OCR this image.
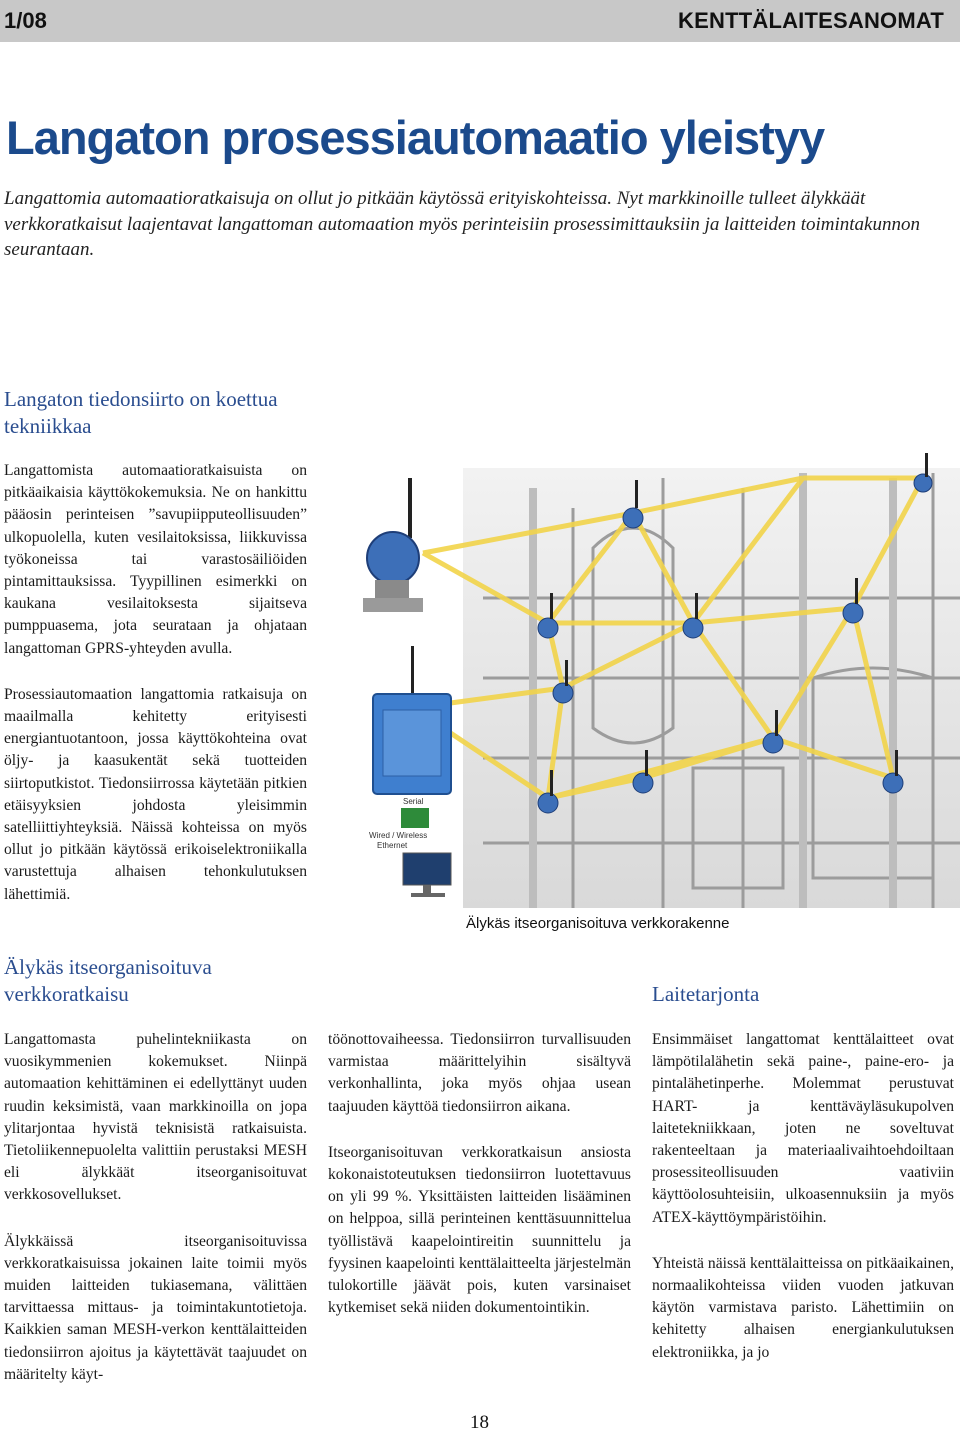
1/08	KENTTÄLAITESANOMAT
Langaton prosessiautomaatio yleistyy

Langattomia automaatioratkaisuja on ollut jo pitkään käytössä erityiskohteissa. Nyt markkinoille tulleet älykkäät verkkoratkaisut laajentavat langattoman automaation myös perinteisiin prosessimittauksiin ja laitteiden toimintakunnon seurantaan.

Langaton tiedonsiirto on koettua tekniikkaa

Langattomista automaatioratkaisuista on pitkäaikaisia käyttökokemuksia. Ne on hankittu pääosin perinteisen ”savupiipputeollisuuden” ulkopuolella, kuten vesilaitoksissa, liikkuvissa työkoneissa tai varastosäiliöiden pintamittauksissa. Tyypillinen esimerkki on kaukana vesilaitoksesta sijaitseva pumppuasema, jota seurataan ja ohjataan langattoman GPRS-yhteyden avulla.

Prosessiautomaation langattomia ratkaisuja on maailmalla kehitetty erityisesti energiantuotantoon, jossa käyttökohteina ovat öljy- ja kaasukentät sekä tuotteiden siirtoputkistot. Tiedonsiirrossa käytetään pitkien etäisyyksien johdosta yleisimmin satelliittiyhteyksiä. Näissä kohteissa on myös ollut jo pitkään käytössä erikoiselektroniikalla varustettuja alhaisen tehonkulutuksen lähettimiä.

Serial
Wired / Wireless
Ethernet
Älykäs itseorganisoituva verkkorakenne
Älykäs itseorganisoituva verkkoratkaisu

Langattomasta puhelintekniikasta on vuosikymmenien kokemukset. Niinpä automaation kehittäminen ei edellyttänyt uuden ruudin keksimistä, vaan markkinoilla on jopa ylitarjontaa hyvistä teknisistä ratkaisuista. Tietoliikennepuolelta valittiin perustaksi MESH eli älykkäät itseorganisoituvat verkkosovellukset.

Älykkäissä itseorganisoituvissa verkkoratkaisuissa jokainen laite toimii myös muiden laitteiden tukiasemana, välittäen tarvittaessa mittaus- ja toimintakuntotietoja. Kaikkien saman MESH-verkon kenttälaitteiden tiedonsiirron ajoitus ja käytettävät taajuudet on määritelty käyt-

töönottovaiheessa. Tiedonsiirron turvallisuuden varmistaa määrittelyihin sisältyvä verkonhallinta, joka myös ohjaa usean taajuuden käyttöä tiedonsiirron aikana.

Itseorganisoituvan verkkoratkaisun ansiosta kokonaistoteutuksen tiedonsiirron luotettavuus on yli 99 %. Yksittäisten laitteiden lisääminen on helppoa, sillä perinteinen kenttäsuunnittelua työllistävä kaapelointireitin suunnittelu ja fyysinen kaapelointi kenttälaitteelta järjestelmän tulokortille jäävät pois, kuten varsinaiset kytkemiset sekä niiden dokumentointikin.

Laitetarjonta

Ensimmäiset langattomat kenttälaitteet ovat lämpötilalähetin sekä paine-, paine-ero- ja pintalähetinperhe. Molemmat perustuvat HART- ja kenttäväyläsukupolven laitetekniikkaan, joten ne soveltuvat rakenteeltaan ja materiaalivaihtoehdoiltaan prosessiteollisuuden vaativiin käyttöolosuhteisiin, ulkoasennuksiin ja myös ATEX-käyttöympäristöihin.

Yhteistä näissä kenttälaitteissa on pitkäaikainen, normaalikohteissa viiden vuoden jatkuvan käytön varmistava paristo. Lähettimiin on kehitetty alhaisen energiankulutuksen elektroniikka, ja jo

18
